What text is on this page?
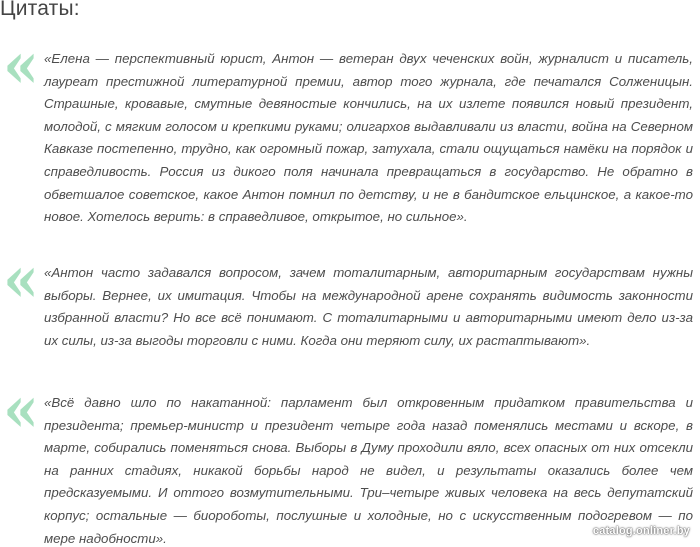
Цитаты:
« «Елена — перспективный юрист, Антон — ветеран двух чеченских войн, журналист и писатель, лауреат престижной литературной премии, автор того журнала, где печатался Солженицын. Страшные, кровавые, смутные девяностые кончились, на их излете появился новый президент, молодой, с мягким голосом и крепкими руками; олигархов выдавливали из власти, война на Северном Кавказе постепенно, трудно, как огромный пожар, затухала, стали ощущаться намёки на порядок и справедливость. Россия из дикого поля начинала превращаться в государство. Не обратно в обветшалое советское, какое Антон помнил по детству, и не в бандитское ельцинское, а какое-то новое. Хотелось верить: в справедливое, открытое, но сильное».

« «Антон часто задавался вопросом, зачем тоталитарным, авторитарным государствам нужны выборы. Вернее, их имитация. Чтобы на международной арене сохранять видимость законности избранной власти? Но все всё понимают. С тоталитарными и авторитарными имеют дело из-за их силы, из-за выгоды торговли с ними. Когда они теряют силу, их растаптывают».

« «Всё давно шло по накатанной: парламент был откровенным придатком правительства и президента; премьер-министр и президент четыре года назад поменялись местами и вскоре, в марте, собирались поменяться снова. Выборы в Думу проходили вяло, всех опасных от них отсекли на ранних стадиях, никакой борьбы народ не видел, и результаты оказались более чем предсказуемыми. И оттого возмутительными. Три–четыре живых человека на весь депутатский корпус; остальные — биороботы, послушные и холодные, но с искусственным подогревом — по мере надобности».	catalog.onliner.by
